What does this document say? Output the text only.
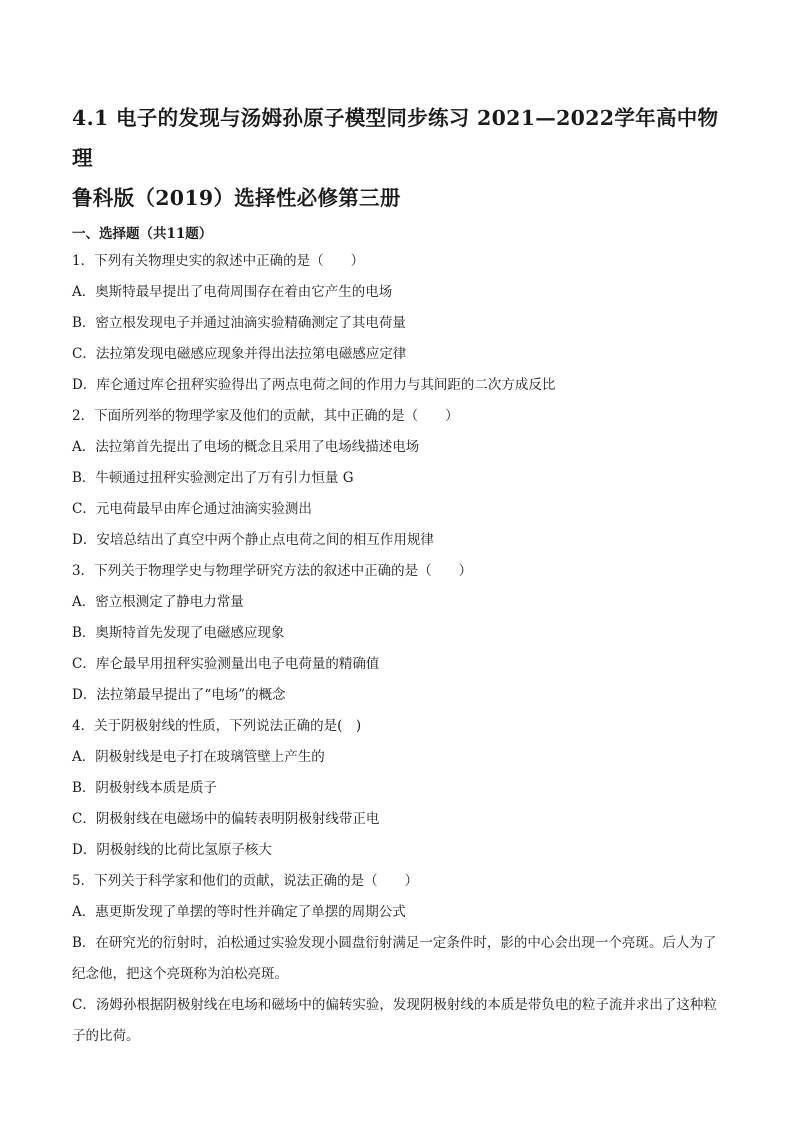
4.1 电子的发现与汤姆孙原子模型同步练习 2021—2022学年高中物理
鲁科版（2019）选择性必修第三册
一、选择题（共11题）
1．下列有关物理史实的叙述中正确的是（　　）
A．奥斯特最早提出了电荷周围存在着由它产生的电场
B．密立根发现电子并通过油滴实验精确测定了其电荷量
C．法拉第发现电磁感应现象并得出法拉第电磁感应定律
D．库仑通过库仑扭秤实验得出了两点电荷之间的作用力与其间距的二次方成反比
2．下面所列举的物理学家及他们的贡献，其中正确的是（　　）
A．法拉第首先提出了电场的概念且采用了电场线描述电场
B．牛顿通过扭秤实验测定出了万有引力恒量 G
C．元电荷最早由库仑通过油滴实验测出
D．安培总结出了真空中两个静止点电荷之间的相互作用规律
3．下列关于物理学史与物理学研究方法的叙述中正确的是（　　）
A．密立根测定了静电力常量
B．奥斯特首先发现了电磁感应现象
C．库仑最早用扭秤实验测量出电子电荷量的精确值
D．法拉第最早提出了“电场”的概念
4．关于阴极射线的性质，下列说法正确的是(　)
A．阴极射线是电子打在玻璃管壁上产生的
B．阴极射线本质是质子
C．阴极射线在电磁场中的偏转表明阴极射线带正电
D．阴极射线的比荷比氢原子核大
5．下列关于科学家和他们的贡献，说法正确的是（　　）
A．惠更斯发现了单摆的等时性并确定了单摆的周期公式
B．在研究光的衍射时，泊松通过实验发现小圆盘衍射满足一定条件时，影的中心会出现一个亮斑。后人为了纪念他，把这个亮斑称为泊松亮斑。
C．汤姆孙根据阴极射线在电场和磁场中的偏转实验，发现阴极射线的本质是带负电的粒子流并求出了这种粒子的比荷。
